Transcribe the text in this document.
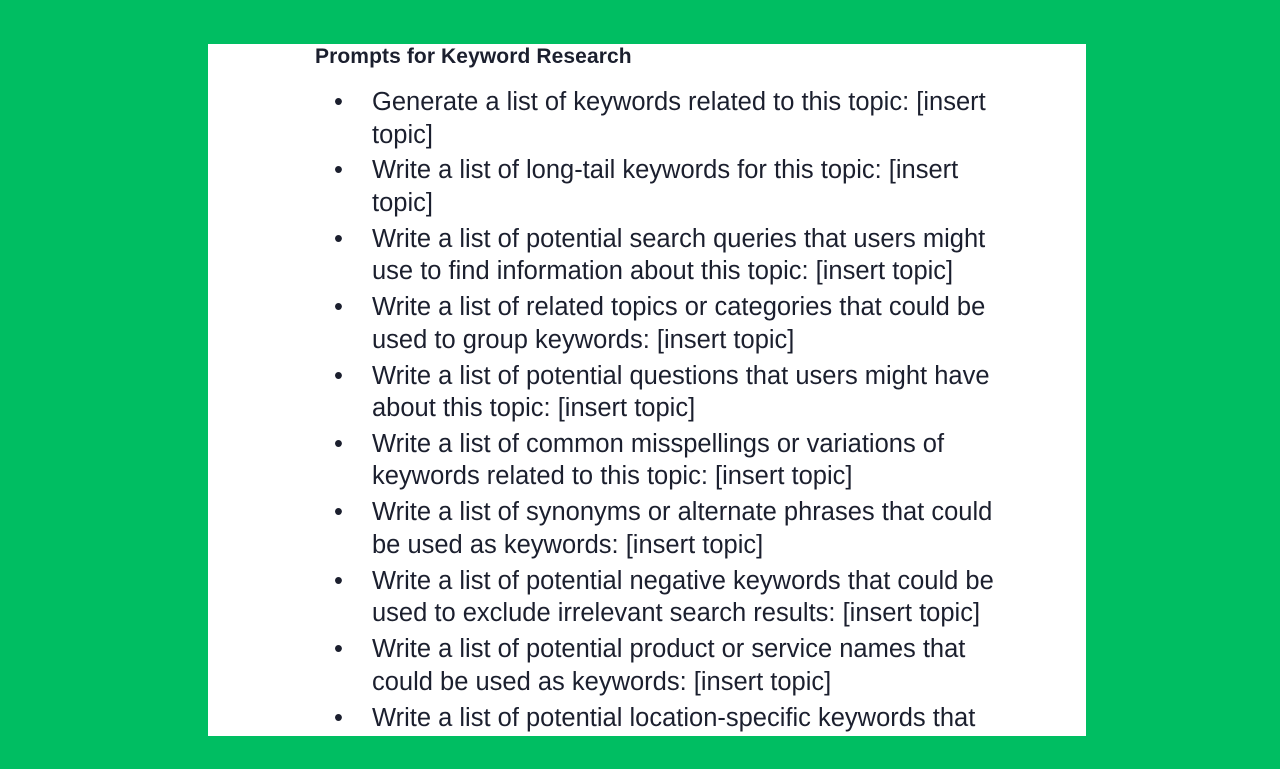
Prompts for Keyword Research
• Generate a list of keywords related to this topic: [insert
topic]
• Write a list of long-tail keywords for this topic: [insert
topic]
• Write a list of potential search queries that users might
use to find information about this topic: [insert topic]
• Write a list of related topics or categories that could be
used to group keywords: [insert topic]
• Write a list of potential questions that users might have
about this topic: [insert topic]
• Write a list of common misspellings or variations of
keywords related to this topic: [insert topic]
• Write a list of synonyms or alternate phrases that could
be used as keywords: [insert topic]
• Write a list of potential negative keywords that could be
used to exclude irrelevant search results: [insert topic]
• Write a list of potential product or service names that
could be used as keywords: [insert topic]
• Write a list of potential location-specific keywords that
